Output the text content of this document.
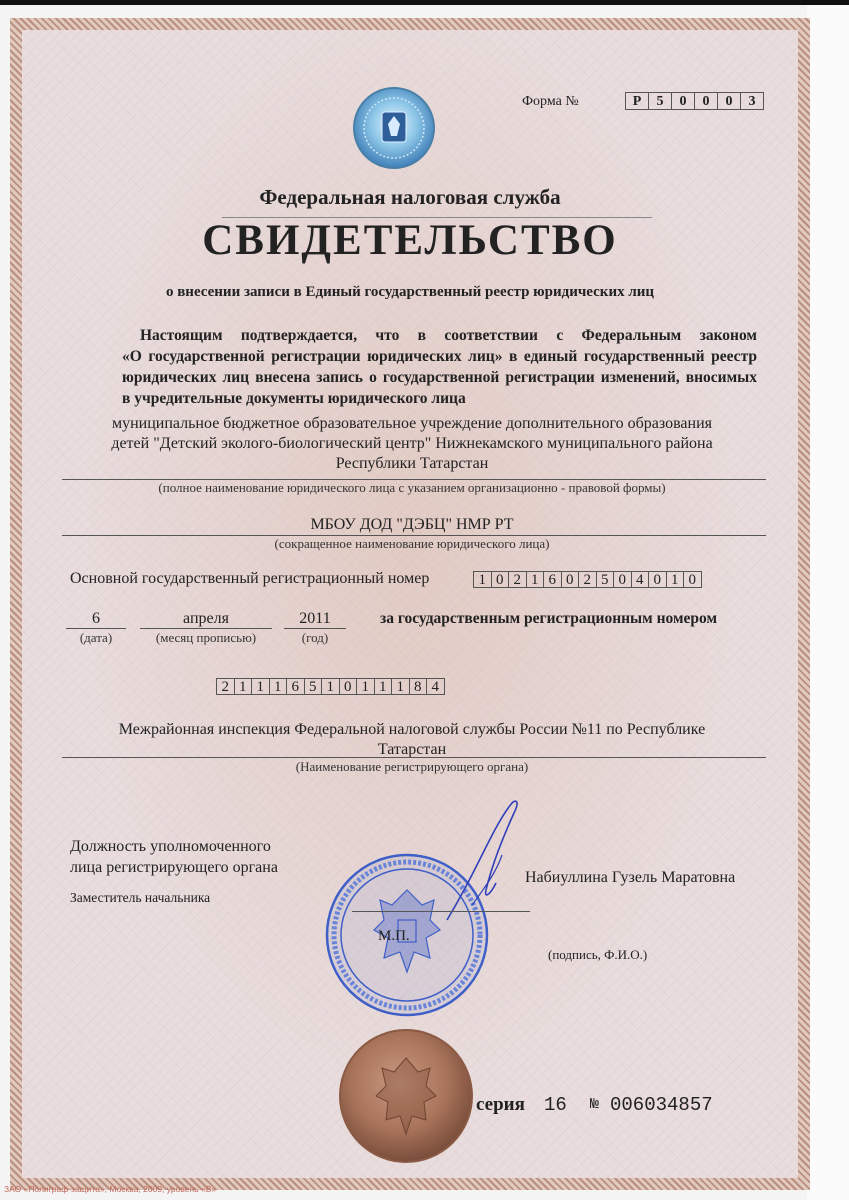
Форма №	Р	5	0	0	0	3
Федеральная налоговая служба
СВИДЕТЕЛЬСТВО
о внесении записи в Единый государственный реестр юридических лиц
Настоящим подтверждается, что в соответствии с Федеральным законом
«О государственной регистрации юридических лиц» в единый государственный реестр
юридических лиц внесена запись о государственной регистрации изменений, вносимых
в учредительные документы юридического лица
муниципальное бюджетное образовательное учреждение дополнительного образования
детей "Детский эколого-биологический центр" Нижнекамского муниципального района
Республики Татарстан
(полное наименование юридического лица с указанием организационно - правовой формы)
МБОУ ДОД "ДЭБЦ" НМР РТ
(сокращенное наименование юридического лица)
Основной государственный регистрационный номер	1 0 2 1 6 0 2 5 0 4 0 1 0
6
(дата)
апреля
(месяц прописью)
2011
(год)
за государственным регистрационным номером
2 1 1 1 6 5 1 0 1 1 1 8 4
Межрайонная инспекция Федеральной налоговой службы России №11 по Республике
Татарстан
(Наименование регистрирующего органа)
Должность уполномоченного
лица регистрирующего органа
Заместитель начальника
Набиуллина Гузель Маратовна
М.П.
(подпись, Ф.И.О.)
серия 16 № 006034857
ЗАО «Полиграф-защита», Москва, 2009, уровень «В»
